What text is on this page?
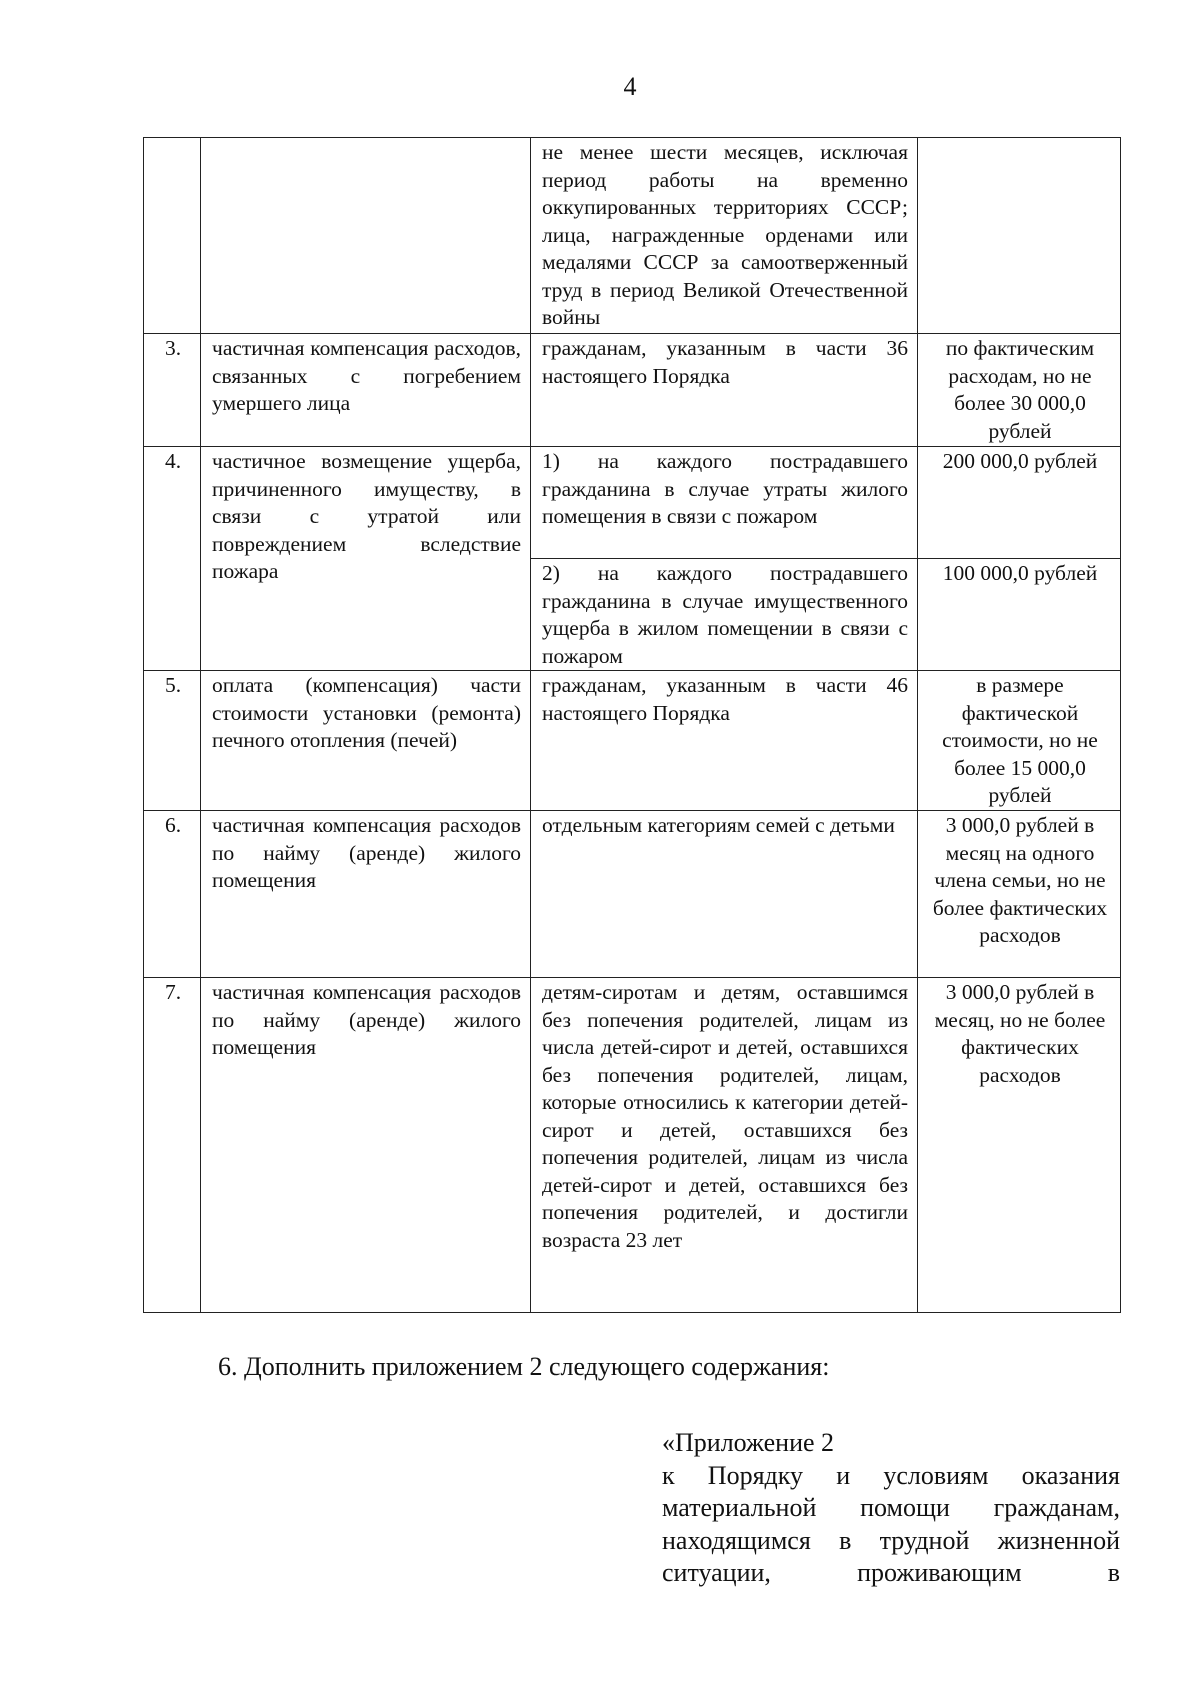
4

		не менее шести месяцев, исключая период работы на временно оккупированных территориях СССР; лица, награжденные орденами или медалями СССР за самоотверженный труд в период Великой Отечественной войны	

3.	частичная компенсация расходов, связанных с погребением умершего лица	гражданам, указанным в части 36 настоящего Порядка	по фактическим расходам, но не более 30 000,0 рублей
4.	частичное возмещение ущерба, причиненного имуществу, в связи с утратой или повреждением вследствие пожара	1) на каждого пострадавшего гражданина в случае утраты жилого помещения в связи с пожаром	200 000,0 рублей

		2) на каждого пострадавшего гражданина в случае имущественного ущерба в жилом помещении в связи с пожаром	100 000,0 рублей
5.	оплата (компенсация) части стоимости установки (ремонта) печного отопления (печей)	гражданам, указанным в части 46 настоящего Порядка	в размере фактической стоимости, но не более 15 000,0 рублей
6.	частичная компенсация расходов по найму (аренде) жилого помещения	отдельным категориям семей с детьми	3 000,0 рублей в месяц на одного члена семьи, но не более фактических расходов
7.	частичная компенсация расходов по найму (аренде) жилого помещения	детям-сиротам и детям, оставшимся без попечения родителей, лицам из числа детей-сирот и детей, оставшихся без попечения родителей, лицам, которые относились к категории детей-сирот и детей, оставшихся без попечения родителей, лицам из числа детей-сирот и детей, оставшихся без попечения родителей, и достигли возраста 23 лет	3 000,0 рублей в месяц, но не более фактических расходов
6. Дополнить приложением 2 следующего содержания:
«Приложение 2
к Порядку и условиям оказания материальной помощи гражданам, находящимся в трудной жизненной ситуации, проживающим в
